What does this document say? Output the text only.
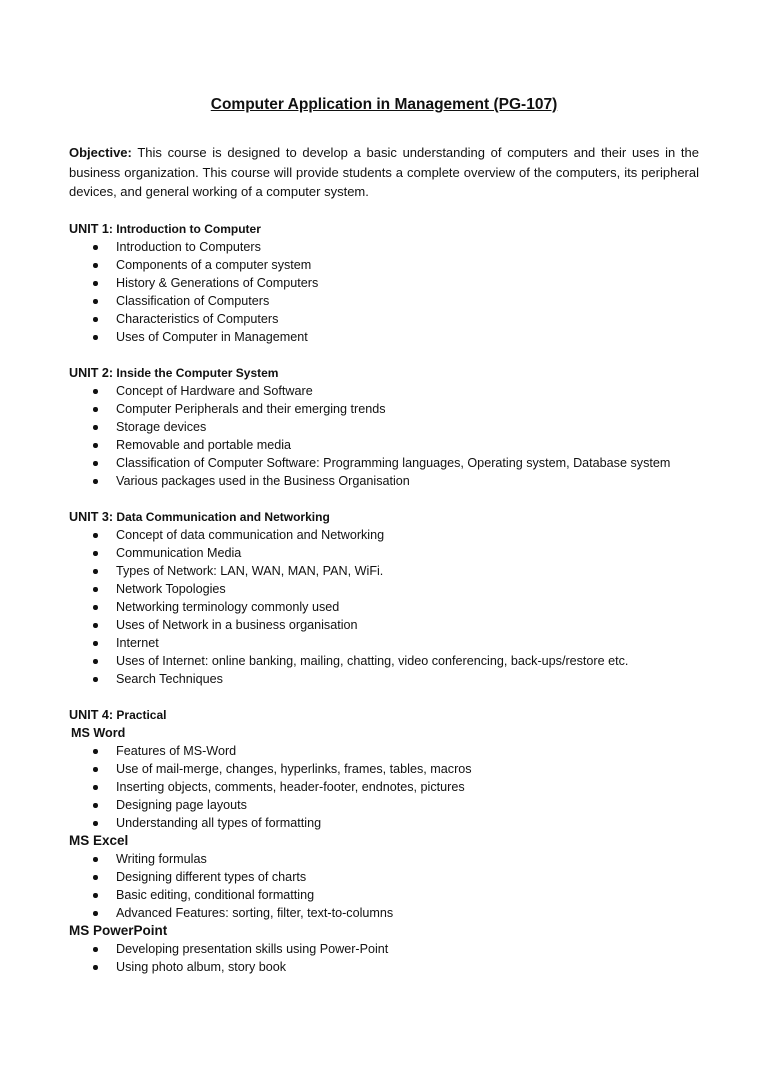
Computer Application in Management (PG-107)
Objective: This course is designed to develop a basic understanding of computers and their uses in the business organization. This course will provide students a complete overview of the computers, its peripheral devices, and general working of a computer system.
UNIT 1: Introduction to Computer
Introduction to Computers
Components of a computer system
History & Generations of Computers
Classification of Computers
Characteristics of Computers
Uses of Computer in Management
UNIT 2: Inside the Computer System
Concept of Hardware and Software
Computer Peripherals and their emerging trends
Storage devices
Removable and portable media
Classification of Computer Software: Programming languages, Operating system, Database system
Various packages used in the Business Organisation
UNIT 3: Data Communication and Networking
Concept of data communication and Networking
Communication Media
Types of Network: LAN, WAN, MAN, PAN, WiFi.
Network Topologies
Networking terminology commonly used
Uses of Network in a business organisation
Internet
Uses of Internet: online banking, mailing, chatting, video conferencing, back-ups/restore etc.
Search Techniques
UNIT 4: Practical
MS Word
Features of MS-Word
Use of mail-merge, changes, hyperlinks, frames, tables, macros
Inserting objects, comments, header-footer, endnotes, pictures
Designing page layouts
Understanding all types of formatting
MS Excel
Writing formulas
Designing different types of charts
Basic editing, conditional formatting
Advanced Features: sorting, filter, text-to-columns
MS PowerPoint
Developing presentation skills using Power-Point
Using photo album, story book
